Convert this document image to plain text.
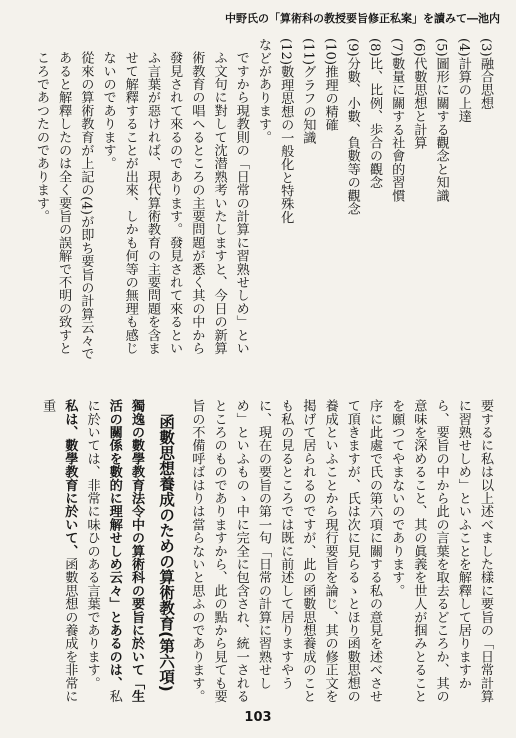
中野氏の「算術科の教授要旨修正私案」を讀みて―池内
(3)融合思想
(4)計算の上達
(5)圖形に關する觀念と知識
(6)代數思想と計算
(7)數量に關する社會的習慣
(8)比、比例、歩合の觀念
(9)分數、小數、負數等の觀念
(10)推理の精確
(11)グラフの知識
(12)數理思想の一般化と特殊化
などがあります。
ですから現教則の「日常の計算に習熟せしめ」といふ文句に對して沈潜熟考いたしますと、今日の新算術教育の唱へるところの主要問題が悉く其の中から發見されて來るのであります。發見されて來るといふ言葉が惡ければ、現代算術教育の主要問題を含ませて解釋することが出來、しかも何等の無理も感じないのであります。
從來の算術教育が上記の(4)が即ち要旨の計算云々であると解釋したのは全く要旨の誤解で不明の致すところであつたのであります。
要するに私は以上述べました樣に要旨の「日常計算に習熟せしめ」といふことを解釋して居りますから、要旨の中から此の言葉を取去るどころか、其の意味を深めること、其の眞義を世人が掴みとることを願つてやまないのであります。
序に此處で氏の第六項に關する私の意見を述べさせて頂きますが、氏は次に見らるゝとほり函數思想の養成といふことから現行要旨を論じ、其の修正文を掲げて居られるのですが、此の函數思想養成のことも私の見るところでは既に前述して居りますやうに、現在の要旨の第一句「日常の計算に習熟せしめ」といふものゝ中に完全に包含され、統一されるところのものでありますから、此の點から見ても要旨の不備呼ばはりは當らないと思ふのであります。
函數思想養成のための算術教育(第六項)
獨逸の數學教育法令中の算術科の要旨に於いて「生活の關係を數的に理解せしめ云々」とあるのは、私に於いては、非常に味ひのある言葉であります。
私は、數學教育に於いて、函數思想の養成を非常に重
103
